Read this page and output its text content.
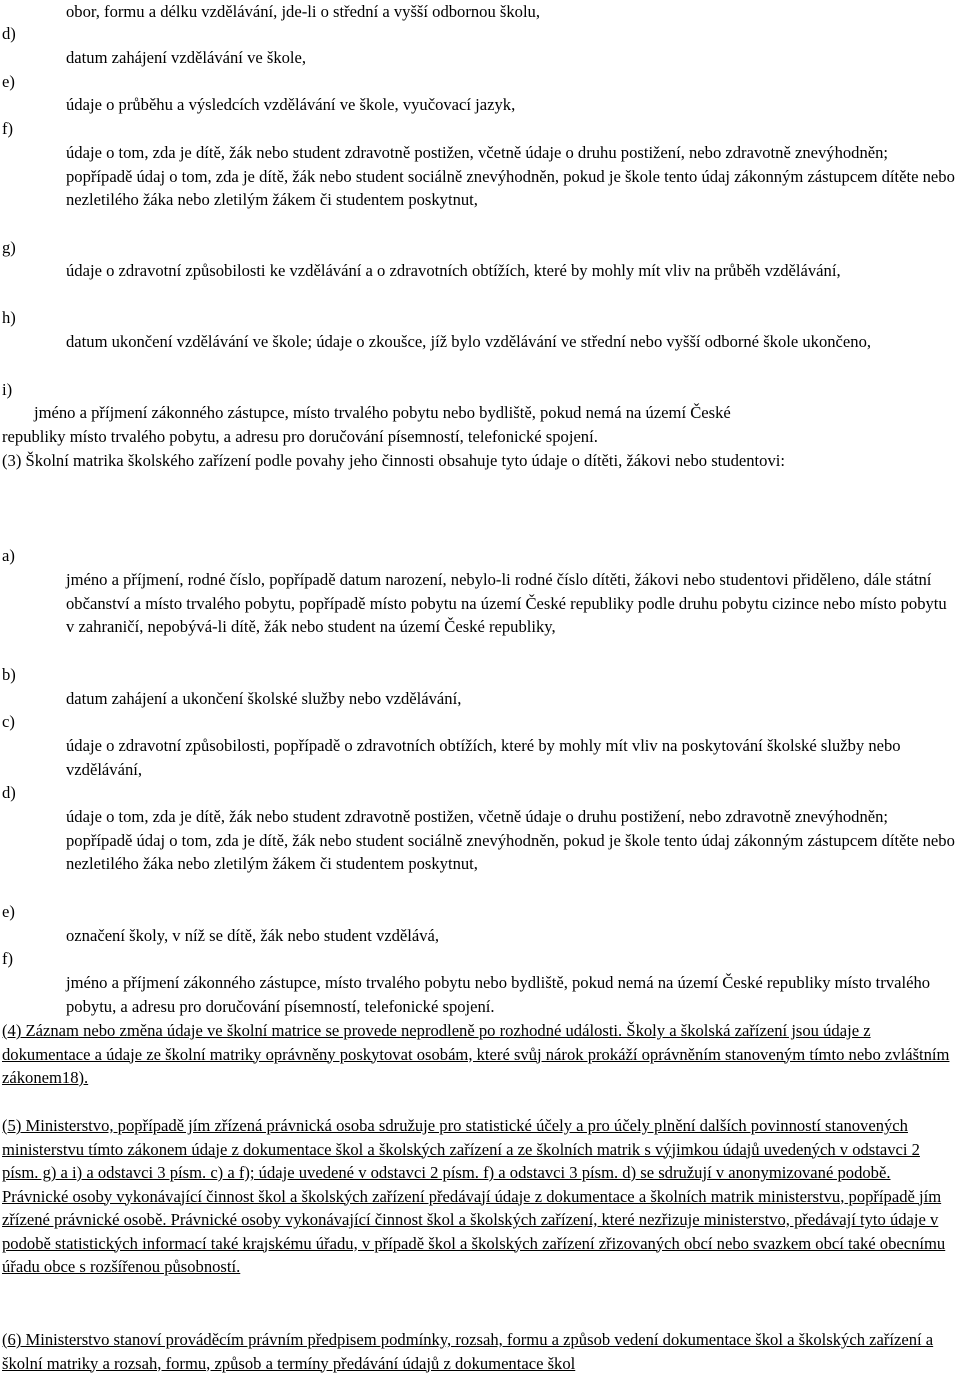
obor, formu a délku vzdělávání, jde-li o střední a vyšší odbornou školu,
d)
datum zahájení vzdělávání ve škole,
e)
údaje o průběhu a výsledcích vzdělávání ve škole, vyučovací jazyk,
f)
údaje o tom, zda je dítě, žák nebo student zdravotně postižen, včetně údaje o druhu postižení, nebo zdravotně znevýhodněn; popřípadě údaj o tom, zda je dítě, žák nebo student sociálně znevýhodněn, pokud je škole tento údaj zákonným zástupcem dítěte nebo nezletilého žáka nebo zletilým žákem či studentem poskytnut,
g)
údaje o zdravotní způsobilosti ke vzdělávání a o zdravotních obtížích, které by mohly mít vliv na průběh vzdělávání,
h)
datum ukončení vzdělávání ve škole; údaje o zkoušce, jíž bylo vzdělávání ve střední nebo vyšší odborné škole ukončeno,
i)
jméno a příjmení zákonného zástupce, místo trvalého pobytu nebo bydliště, pokud nemá na území České
republiky místo trvalého pobytu, a adresu pro doručování písemností, telefonické spojení.
(3) Školní matrika školského zařízení podle povahy jeho činnosti obsahuje tyto údaje o dítěti, žákovi nebo studentovi:
a)
jméno a příjmení, rodné číslo, popřípadě datum narození, nebylo-li rodné číslo dítěti, žákovi nebo studentovi přiděleno, dále státní občanství a místo trvalého pobytu, popřípadě místo pobytu na území České republiky podle druhu pobytu cizince nebo místo pobytu v zahraničí, nepobývá-li dítě, žák nebo student na území České republiky,
b)
datum zahájení a ukončení školské služby nebo vzdělávání,
c)
údaje o zdravotní způsobilosti, popřípadě o zdravotních obtížích, které by mohly mít vliv na poskytování školské služby nebo vzdělávání,
d)
údaje o tom, zda je dítě, žák nebo student zdravotně postižen, včetně údaje o druhu postižení, nebo zdravotně znevýhodněn; popřípadě údaj o tom, zda je dítě, žák nebo student sociálně znevýhodněn, pokud je škole tento údaj zákonným zástupcem dítěte nebo nezletilého žáka nebo zletilým žákem či studentem poskytnut,
e)
označení školy, v níž se dítě, žák nebo student vzdělává,
f)
jméno a příjmení zákonného zástupce, místo trvalého pobytu nebo bydliště, pokud nemá na území České republiky místo trvalého pobytu, a adresu pro doručování písemností, telefonické spojení.
(4) Záznam nebo změna údaje ve školní matrice se provede neprodleně po rozhodné události. Školy a školská zařízení jsou údaje z dokumentace a údaje ze školní matriky oprávněny poskytovat osobám, které svůj nárok prokáží oprávněním stanoveným tímto nebo zvláštním zákonem18).
(5) Ministerstvo, popřípadě jím zřízená právnická osoba sdružuje pro statistické účely a pro účely plnění dalších povinností stanovených ministerstvu tímto zákonem údaje z dokumentace škol a školských zařízení a ze školních matrik s výjimkou údajů uvedených v odstavci 2 písm. g) a i) a odstavci 3 písm. c) a f); údaje uvedené v odstavci 2 písm. f) a odstavci 3 písm. d) se sdružují v anonymizované podobě. Právnické osoby vykonávající činnost škol a školských zařízení předávají údaje z dokumentace a školních matrik ministerstvu, popřípadě jím zřízené právnické osobě. Právnické osoby vykonávající činnost škol a školských zařízení, které nezřizuje ministerstvo, předávají tyto údaje v podobě statistických informací také krajskému úřadu, v případě škol a školských zařízení zřizovaných obcí nebo svazkem obcí také obecnímu úřadu obce s rozšířenou působností.
(6) Ministerstvo stanoví prováděcím právním předpisem podmínky, rozsah, formu a způsob vedení dokumentace škol a školských zařízení a školní matriky a rozsah, formu, způsob a termíny předávání údajů z dokumentace škol
